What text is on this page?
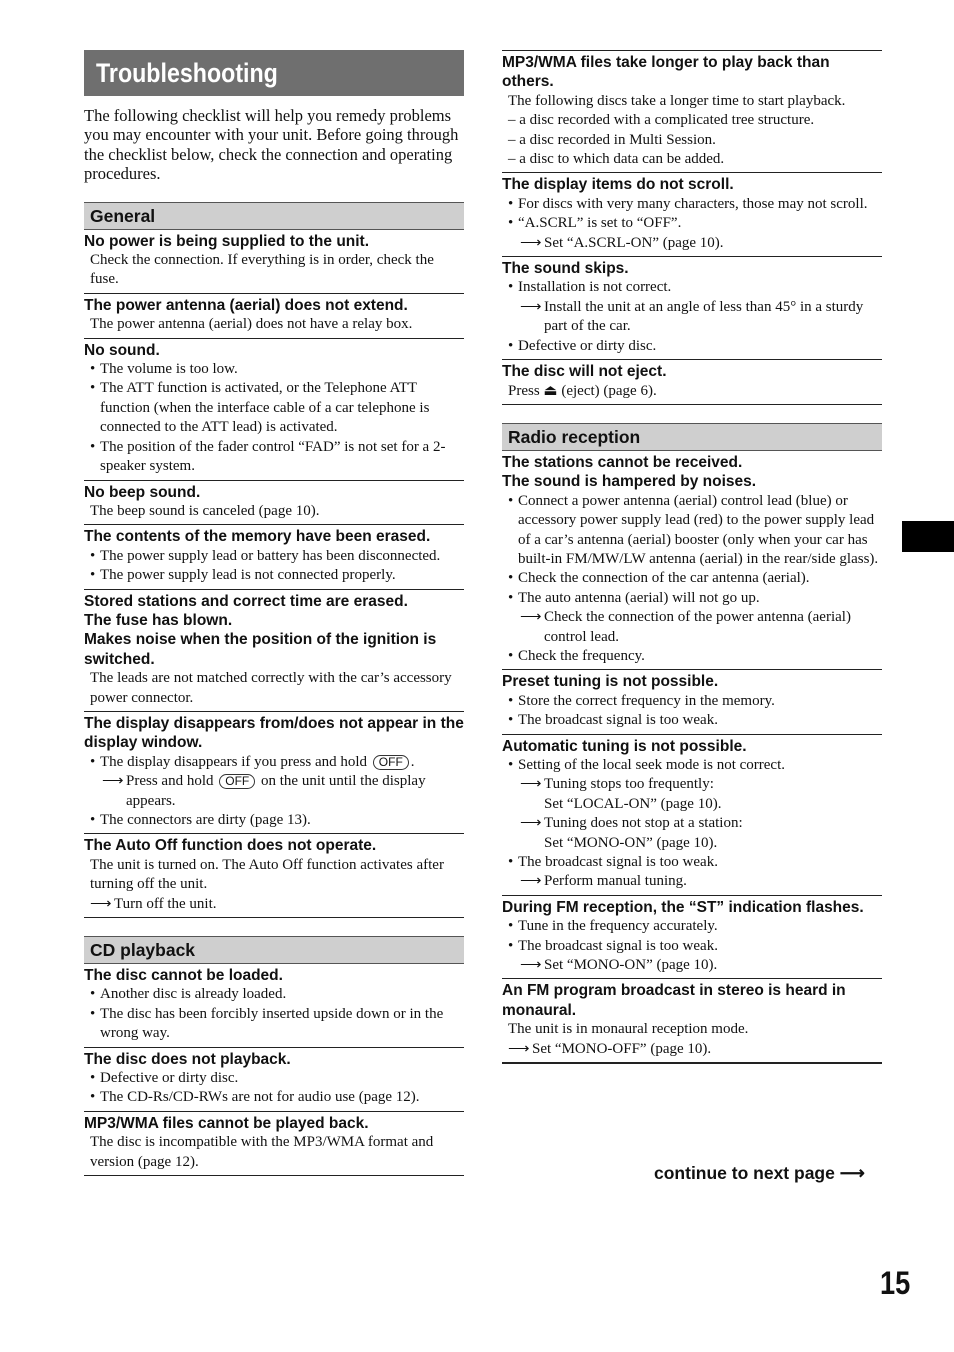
Troubleshooting

The following checklist will help you remedy problems you may encounter with your unit. Before going through the checklist below, check the connection and operating procedures.

General
No power is being supplied to the unit.
Check the connection. If everything is in order, check the fuse.
The power antenna (aerial) does not extend.
The power antenna (aerial) does not have a relay box.
No sound.
• The volume is too low.
• The ATT function is activated, or the Telephone ATT function (when the interface cable of a car telephone is connected to the ATT lead) is activated.
• The position of the fader control “FAD” is not set for a 2-speaker system.
No beep sound.
The beep sound is canceled (page 10).
The contents of the memory have been erased.
• The power supply lead or battery has been disconnected.
• The power supply lead is not connected properly.
Stored stations and correct time are erased.
The fuse has blown.
Makes noise when the position of the ignition is switched.
The leads are not matched correctly with the car’s accessory power connector.
The display disappears from/does not appear in the display window.
• The display disappears if you press and hold OFF .
⟶ Press and hold OFF on the unit until the display appears.
• The connectors are dirty (page 13).
The Auto Off function does not operate.
The unit is turned on. The Auto Off function activates after turning off the unit.
⟶ Turn off the unit.
CD playback
The disc cannot be loaded.
• Another disc is already loaded.
• The disc has been forcibly inserted upside down or in the wrong way.
The disc does not playback.
• Defective or dirty disc.
• The CD-Rs/CD-RWs are not for audio use (page 12).
MP3/WMA files cannot be played back.
The disc is incompatible with the MP3/WMA format and version (page 12).
MP3/WMA files take longer to play back than others.
The following discs take a longer time to start playback.
– a disc recorded with a complicated tree structure.
– a disc recorded in Multi Session.
– a disc to which data can be added.
The display items do not scroll.
• For discs with very many characters, those may not scroll.
• “A.SCRL” is set to “OFF”.
⟶ Set “A.SCRL-ON” (page 10).
The sound skips.
• Installation is not correct.
⟶ Install the unit at an angle of less than 45° in a sturdy part of the car.
• Defective or dirty disc.
The disc will not eject.
Press ⏏ (eject) (page 6).
Radio reception
The stations cannot be received.
The sound is hampered by noises.
• Connect a power antenna (aerial) control lead (blue) or accessory power supply lead (red) to the power supply lead of a car’s antenna (aerial) booster (only when your car has built-in FM/MW/LW antenna (aerial) in the rear/side glass).
• Check the connection of the car antenna (aerial).
• The auto antenna (aerial) will not go up.
⟶ Check the connection of the power antenna (aerial) control lead.
• Check the frequency.
Preset tuning is not possible.
• Store the correct frequency in the memory.
• The broadcast signal is too weak.
Automatic tuning is not possible.
• Setting of the local seek mode is not correct.
⟶ Tuning stops too frequently:
Set “LOCAL-ON” (page 10).
⟶ Tuning does not stop at a station:
Set “MONO-ON” (page 10).
• The broadcast signal is too weak.
⟶ Perform manual tuning.
During FM reception, the “ST” indication flashes.
• Tune in the frequency accurately.
• The broadcast signal is too weak.
⟶ Set “MONO-ON” (page 10).
An FM program broadcast in stereo is heard in monaural.
The unit is in monaural reception mode.
⟶ Set “MONO-OFF” (page 10).
continue to next page ⟶
15
